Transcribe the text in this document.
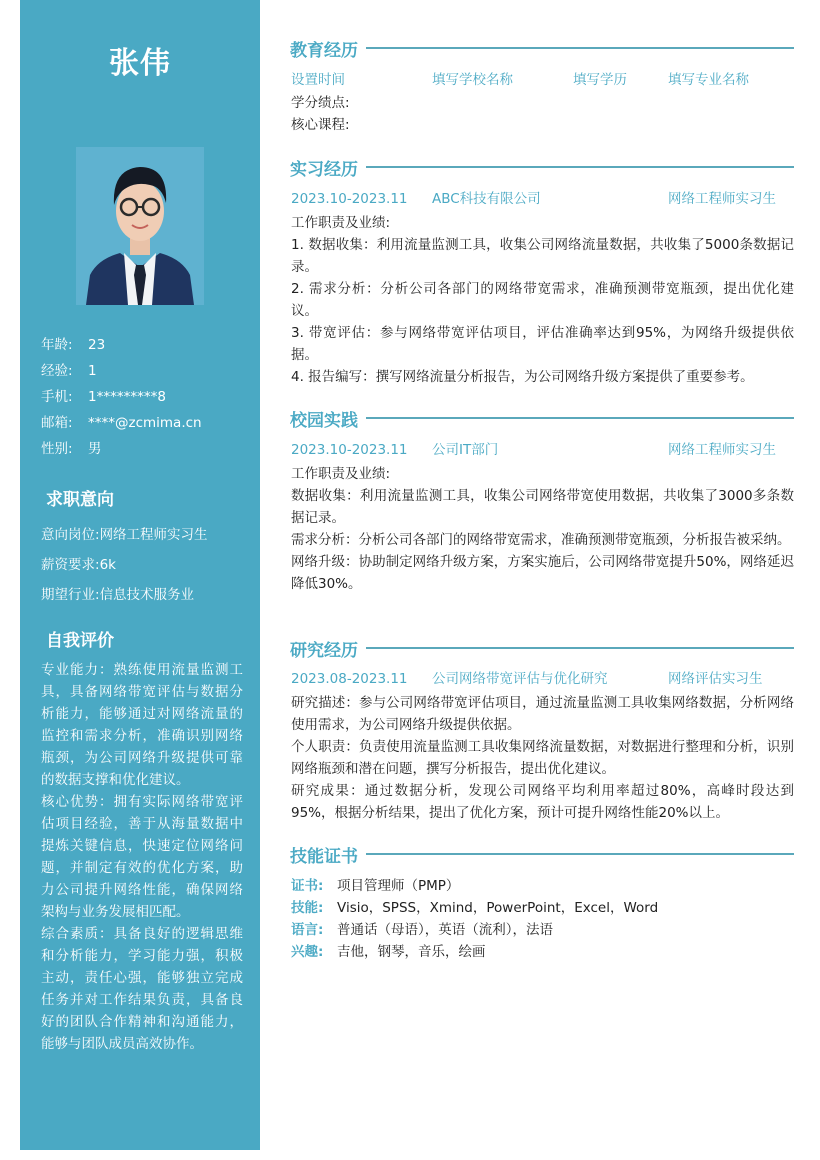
张伟
年龄: 23
经验: 1
手机: 1*********8
邮箱: ****@zcmima.cn
性别: 男
求职意向
意向岗位:网络工程师实习生
薪资要求:6k
期望行业:信息技术服务业
自我评价

专业能力：熟练使用流量监测工具，具备网络带宽评估与数据分析能力，能够通过对网络流量的监控和需求分析，准确识别网络瓶颈，为公司网络升级提供可靠的数据支撑和优化建议。

核心优势：拥有实际网络带宽评估项目经验，善于从海量数据中提炼关键信息，快速定位网络问题，并制定有效的优化方案，助力公司提升网络性能，确保网络架构与业务发展相匹配。

综合素质：具备良好的逻辑思维和分析能力，学习能力强，积极主动，责任心强，能够独立完成任务并对工作结果负责，具备良好的团队合作精神和沟通能力，能够与团队成员高效协作。

教育经历
设置时间	填写学校名称	填写学历	填写专业名称

学分绩点:

核心课程:

实习经历
2023.10-2023.11 ABC科技有限公司	网络工程师实习生

工作职责及业绩:

1. 数据收集：利用流量监测工具，收集公司网络流量数据，共收集了5000条数据记录。

2. 需求分析：分析公司各部门的网络带宽需求，准确预测带宽瓶颈，提出优化建议。

3. 带宽评估：参与网络带宽评估项目，评估准确率达到95%，为网络升级提供依据。

4. 报告编写：撰写网络流量分析报告，为公司网络升级方案提供了重要参考。

校园实践
2023.10-2023.11 公司IT部门	网络工程师实习生

工作职责及业绩:

数据收集：利用流量监测工具，收集公司网络带宽使用数据，共收集了3000多条数据记录。

需求分析：分析公司各部门的网络带宽需求，准确预测带宽瓶颈，分析报告被采纳。

网络升级：协助制定网络升级方案，方案实施后，公司网络带宽提升50%，网络延迟降低30%。

研究经历
2023.08-2023.11 公司网络带宽评估与优化研究	网络评估实习生

研究描述：参与公司网络带宽评估项目，通过流量监测工具收集网络数据，分析网络使用需求，为公司网络升级提供依据。

个人职责：负责使用流量监测工具收集网络流量数据，对数据进行整理和分析，识别网络瓶颈和潜在问题，撰写分析报告，提出优化建议。

研究成果：通过数据分析，发现公司网络平均利用率超过80%，高峰时段达到95%，根据分析结果，提出了优化方案，预计可提升网络性能20%以上。

技能证书
证书: 项目管理师（PMP）
技能: Visio，SPSS，Xmind，PowerPoint，Excel，Word
语言: 普通话（母语），英语（流利），法语
兴趣: 吉他，钢琴，音乐，绘画
